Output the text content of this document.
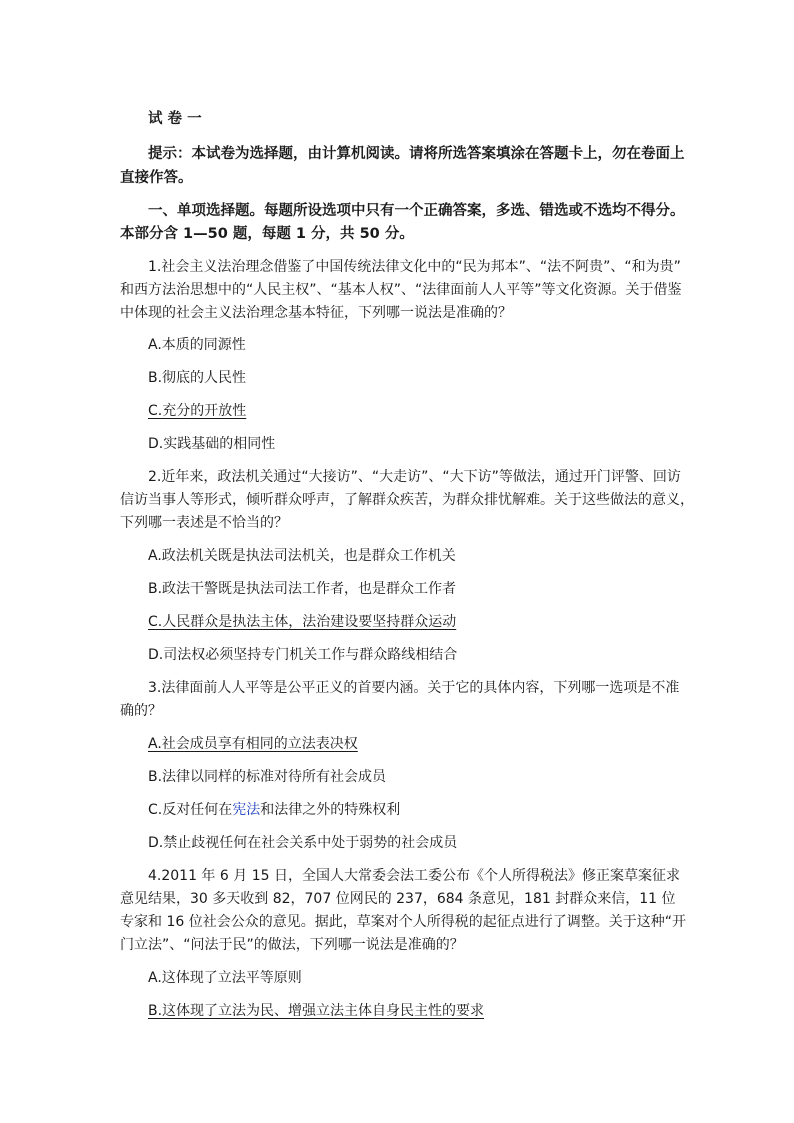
试 卷 一

提示：本试卷为选择题，由计算机阅读。请将所选答案填涂在答题卡上，勿在卷面上

直接作答。

一、单项选择题。每题所设选项中只有一个正确答案，多选、错选或不选均不得分。

本部分含 1—50 题，每题 1 分，共 50 分。

1.社会主义法治理念借鉴了中国传统法律文化中的“民为邦本”、“法不阿贵”、“和为贵”

和西方法治思想中的“人民主权”、“基本人权”、“法律面前人人平等”等文化资源。关于借鉴

中体现的社会主义法治理念基本特征，下列哪一说法是准确的？

A.本质的同源性

B.彻底的人民性

C.充分的开放性

D.实践基础的相同性

2.近年来，政法机关通过“大接访”、“大走访”、“大下访”等做法，通过开门评警、回访

信访当事人等形式，倾听群众呼声，了解群众疾苦，为群众排忧解难。关于这些做法的意义，

下列哪一表述是不恰当的？

A.政法机关既是执法司法机关，也是群众工作机关

B.政法干警既是执法司法工作者，也是群众工作者

C.人民群众是执法主体，法治建设要坚持群众运动

D.司法权必须坚持专门机关工作与群众路线相结合

3.法律面前人人平等是公平正义的首要内涵。关于它的具体内容，下列哪一选项是不准

确的？

A.社会成员享有相同的立法表决权

B.法律以同样的标准对待所有社会成员

C.反对任何在宪法和法律之外的特殊权利

D.禁止歧视任何在社会关系中处于弱势的社会成员

4.2011 年 6 月 15 日，全国人大常委会法工委公布《个人所得税法》修正案草案征求

意见结果，30 多天收到 82，707 位网民的 237，684 条意见，181 封群众来信，11 位

专家和 16 位社会公众的意见。据此，草案对个人所得税的起征点进行了调整。关于这种“开

门立法”、“问法于民”的做法，下列哪一说法是准确的？

A.这体现了立法平等原则

B.这体现了立法为民、增强立法主体自身民主性的要求
